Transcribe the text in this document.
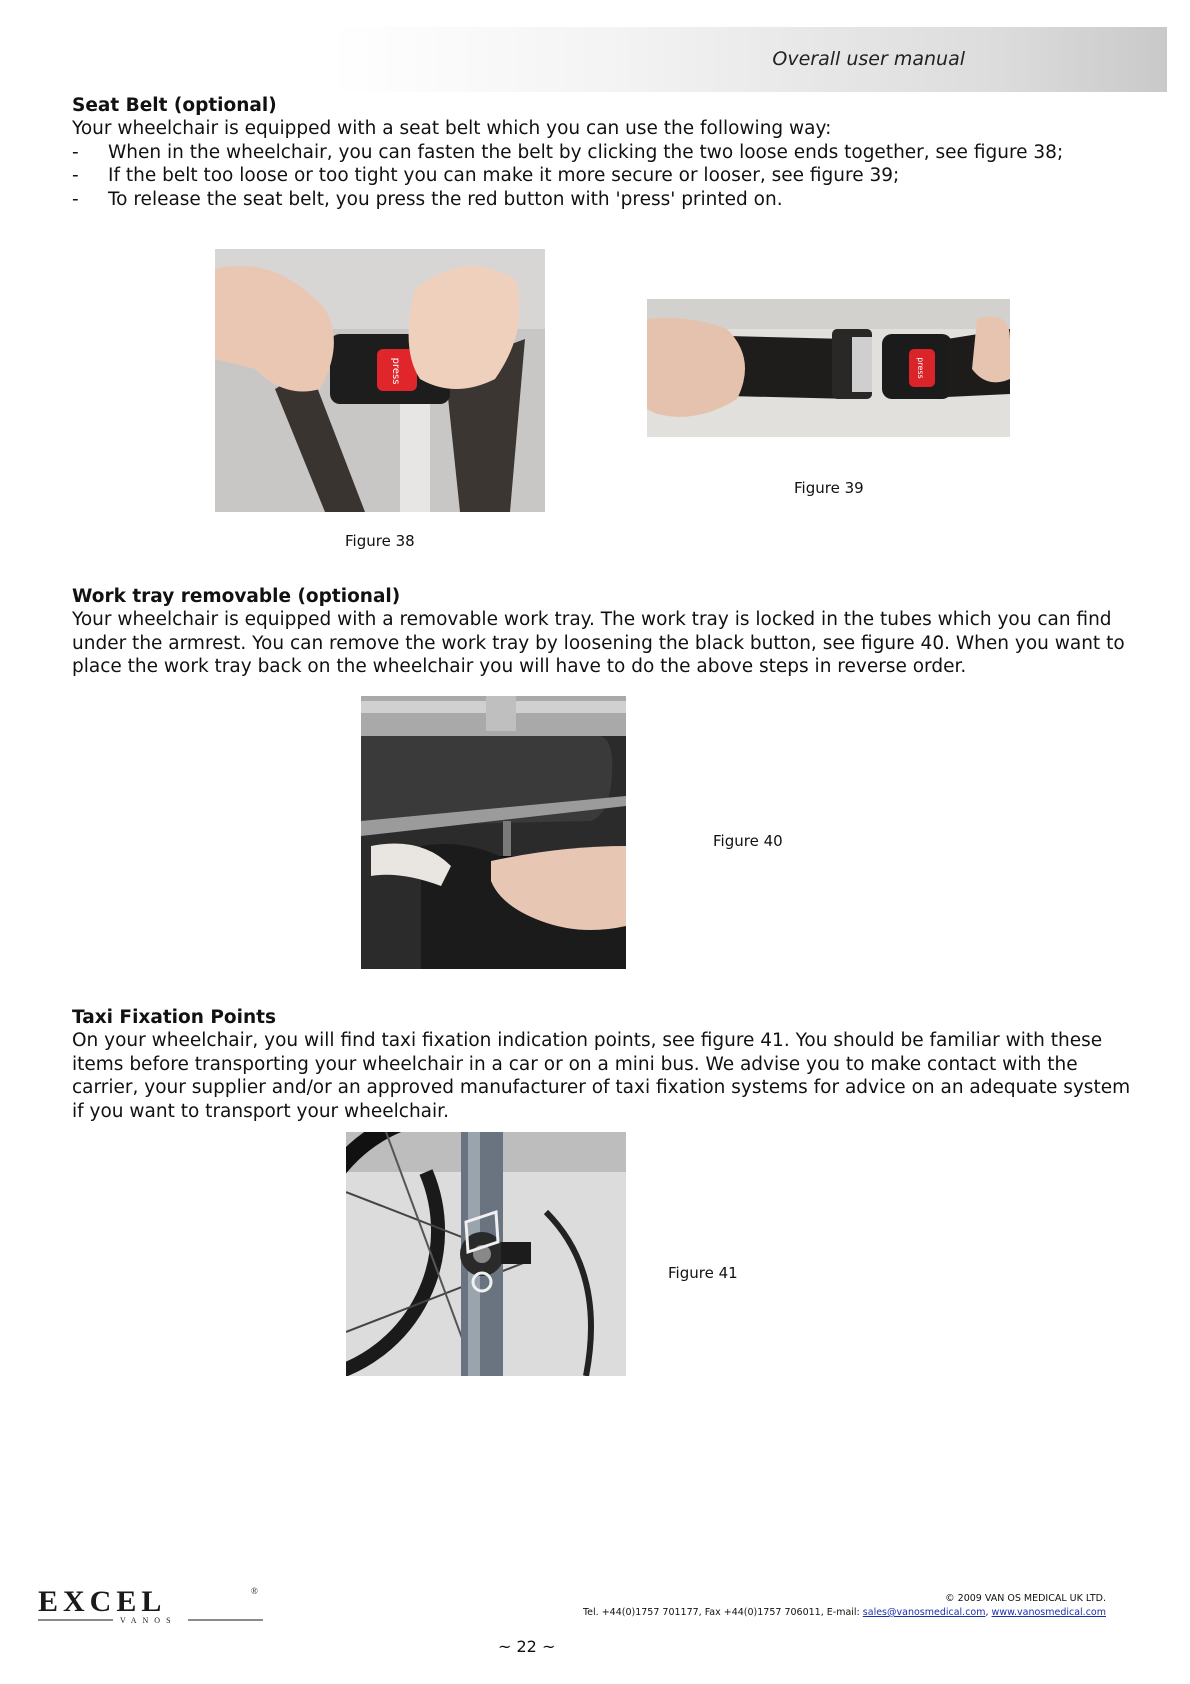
Overall user manual
Seat Belt (optional)

Your wheelchair is equipped with a seat belt which you can use the following way:

- When in the wheelchair, you can fasten the belt by clicking the two loose ends together, see figure 38;
- If the belt too loose or too tight you can make it more secure or looser, see figure 39;
- To release the seat belt, you press the red button with 'press' printed on.
press
Figure 38
press
Figure 39
Work tray removable (optional)

Your wheelchair is equipped with a removable work tray. The work tray is locked in the tubes which you can find under the armrest. You can remove the work tray by loosening the black button, see figure 40. When you want to place the work tray back on the wheelchair you will have to do the above steps in reverse order.

Figure 40
Taxi Fixation Points

On your wheelchair, you will find taxi fixation indication points, see figure 41. You should be familiar with these items before transporting your wheelchair in a car or on a mini bus. We advise you to make contact with the carrier, your supplier and/or an approved manufacturer of taxi fixation systems for advice on an adequate system if you want to transport your wheelchair.

Figure 41
EXCEL	®
VANOS
© 2009 VAN OS MEDICAL UK LTD.
Tel. +44(0)1757 701177, Fax +44(0)1757 706011, E-mail: sales@vanosmedical.com, www.vanosmedical.com
~ 22 ~
